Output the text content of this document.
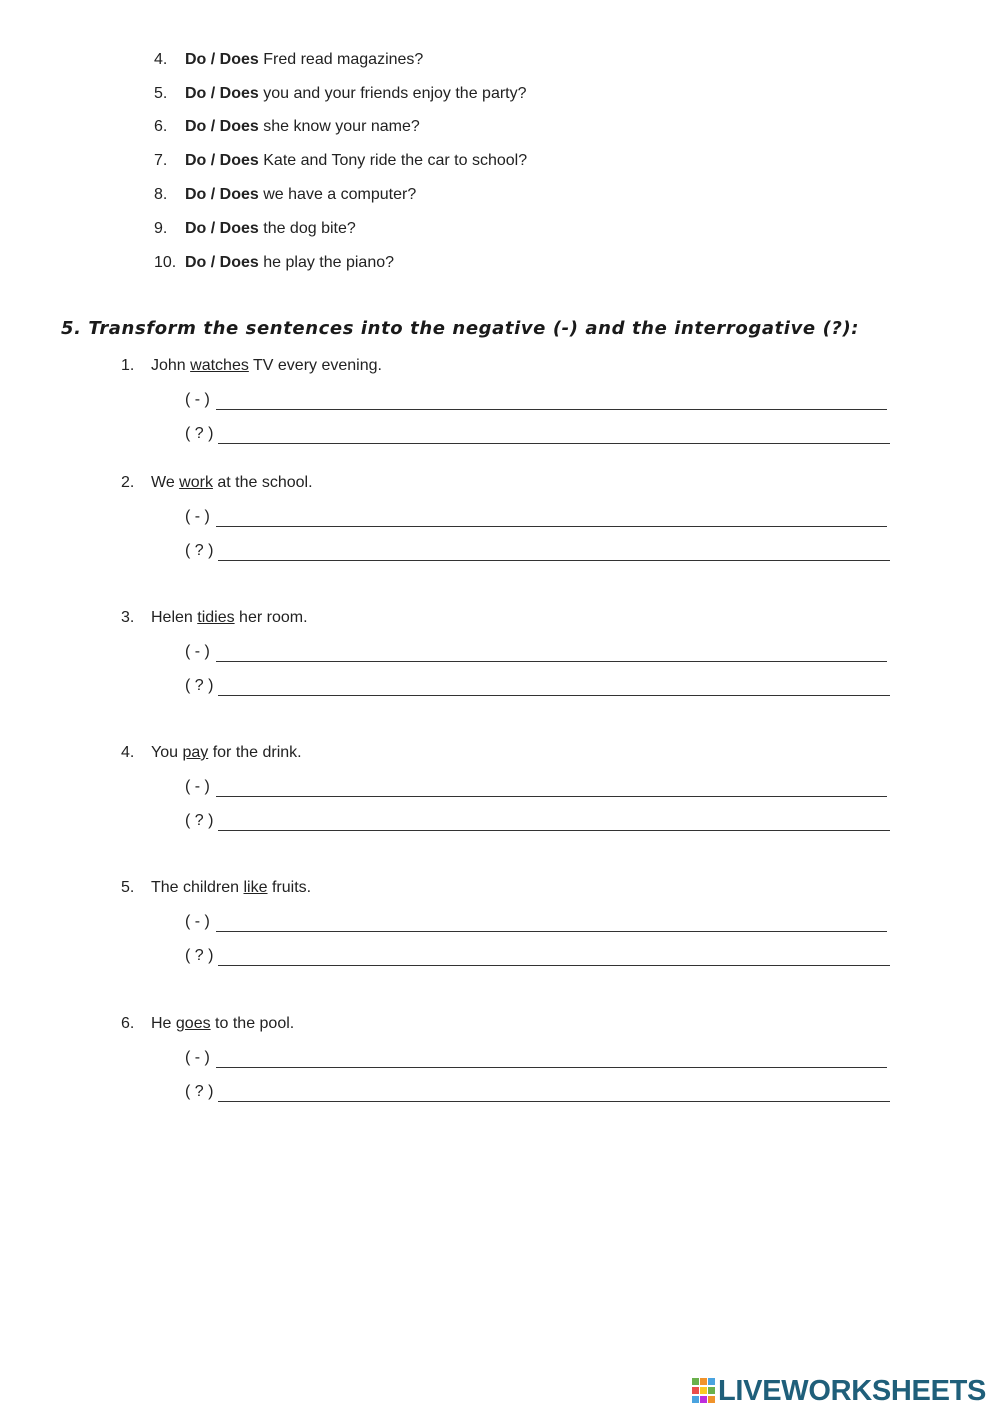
4. Do / Does Fred read magazines?
5. Do / Does you and your friends enjoy the party?
6. Do / Does she know your name?
7. Do / Does Kate and Tony ride the car to school?
8. Do / Does we have a computer?
9. Do / Does the dog bite?
10. Do / Does he play the piano?
5. Transform the sentences into the negative (-) and the interrogative (?):
1. John watches TV every evening.
( - )
( ? )
2. We work at the school.
( - )
( ? )
3. Helen tidies her room.
( - )
( ? )
4. You pay for the drink.
( - )
( ? )
5. The children like fruits.
( - )
( ? )
6. He goes to the pool.
( - )
( ? )
LIVEWORKSHEETS
